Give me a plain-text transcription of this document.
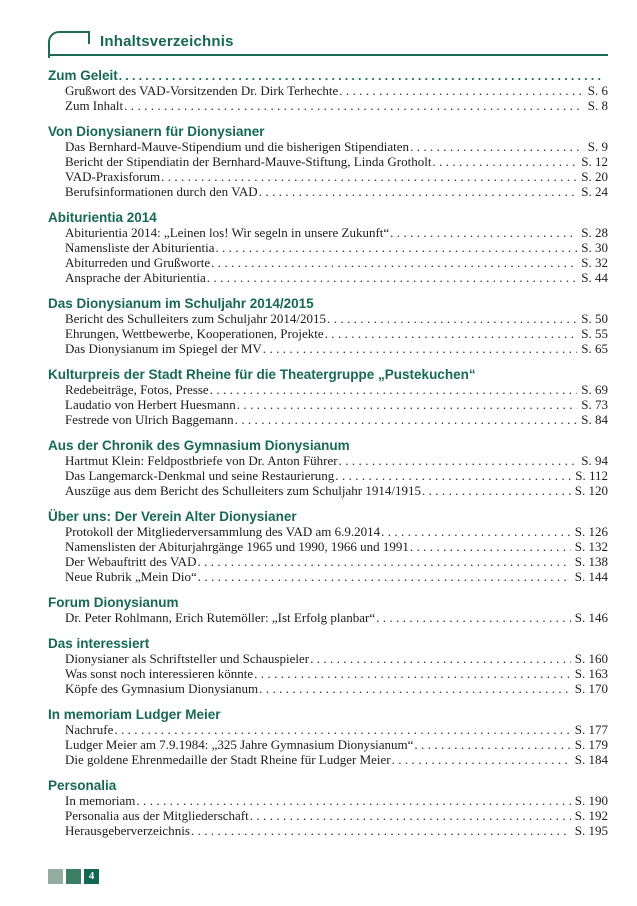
Inhaltsverzeichnis
Zum Geleit
.....
Grußwort des VAD-Vorsitzenden Dr. Dirk Terhechte .....	S. 6
Zum Inhalt .....	S. 8
Von Dionysianern für Dionysianer
Das Bernhard-Mauve-Stipendium und die bisherigen Stipendiaten .....	S. 9
Bericht der Stipendiatin der Bernhard-Mauve-Stiftung, Linda Grotholt .....	S. 12
VAD-Praxisforum .....	S. 20
Berufsinformationen durch den VAD .....	S. 24
Abiturientia 2014
Abiturientia 2014: „Leinen los! Wir segeln in unsere Zukunft“ .....	S. 28
Namensliste der Abiturientia .....	S. 30
Abiturreden und Grußworte .....	S. 32
Ansprache der Abiturientia .....	S. 44
Das Dionysianum im Schuljahr 2014/2015
Bericht des Schulleiters zum Schuljahr 2014/2015 .....	S. 50
Ehrungen, Wettbewerbe, Kooperationen, Projekte .....	S. 55
Das Dionysianum im Spiegel der MV .....	S. 65
Kulturpreis der Stadt Rheine für die Theatergruppe „Pustekuchen“
Redebeiträge, Fotos, Presse .....	S. 69
Laudatio von Herbert Huesmann .....	S. 73
Festrede von Ulrich Baggemann .....	S. 84
Aus der Chronik des Gymnasium Dionysianum
Hartmut Klein: Feldpostbriefe von Dr. Anton Führer .....	S. 94
Das Langemarck-Denkmal und seine Restaurierung .....	S. 112
Auszüge aus dem Bericht des Schulleiters zum Schuljahr 1914/1915 .....	S. 120
Über uns: Der Verein Alter Dionysianer
Protokoll der Mitgliederversammlung des VAD am 6.9.2014 .....	S. 126
Namenslisten der Abiturjahrgänge 1965 und 1990, 1966 und 1991 .....	S. 132
Der Webauftritt des VAD .....	S. 138
Neue Rubrik „Mein Dio“ .....	S. 144
Forum Dionysianum
Dr. Peter Rohlmann, Erich Rutemöller: „Ist Erfolg planbar“ .....	S. 146
Das interessiert
Dionysianer als Schriftsteller und Schauspieler .....	S. 160
Was sonst noch interessieren könnte .....	S. 163
Köpfe des Gymnasium Dionysianum .....	S. 170
In memoriam Ludger Meier
Nachrufe .....	S. 177
Ludger Meier am 7.9.1984: „325 Jahre Gymnasium Dionysianum“ .....	S. 179
Die goldene Ehrenmedaille der Stadt Rheine für Ludger Meier .....	S. 184
Personalia
In memoriam .....	S. 190
Personalia aus der Mitgliederschaft .....	S. 192
Herausgeberverzeichnis .....	S. 195
4
